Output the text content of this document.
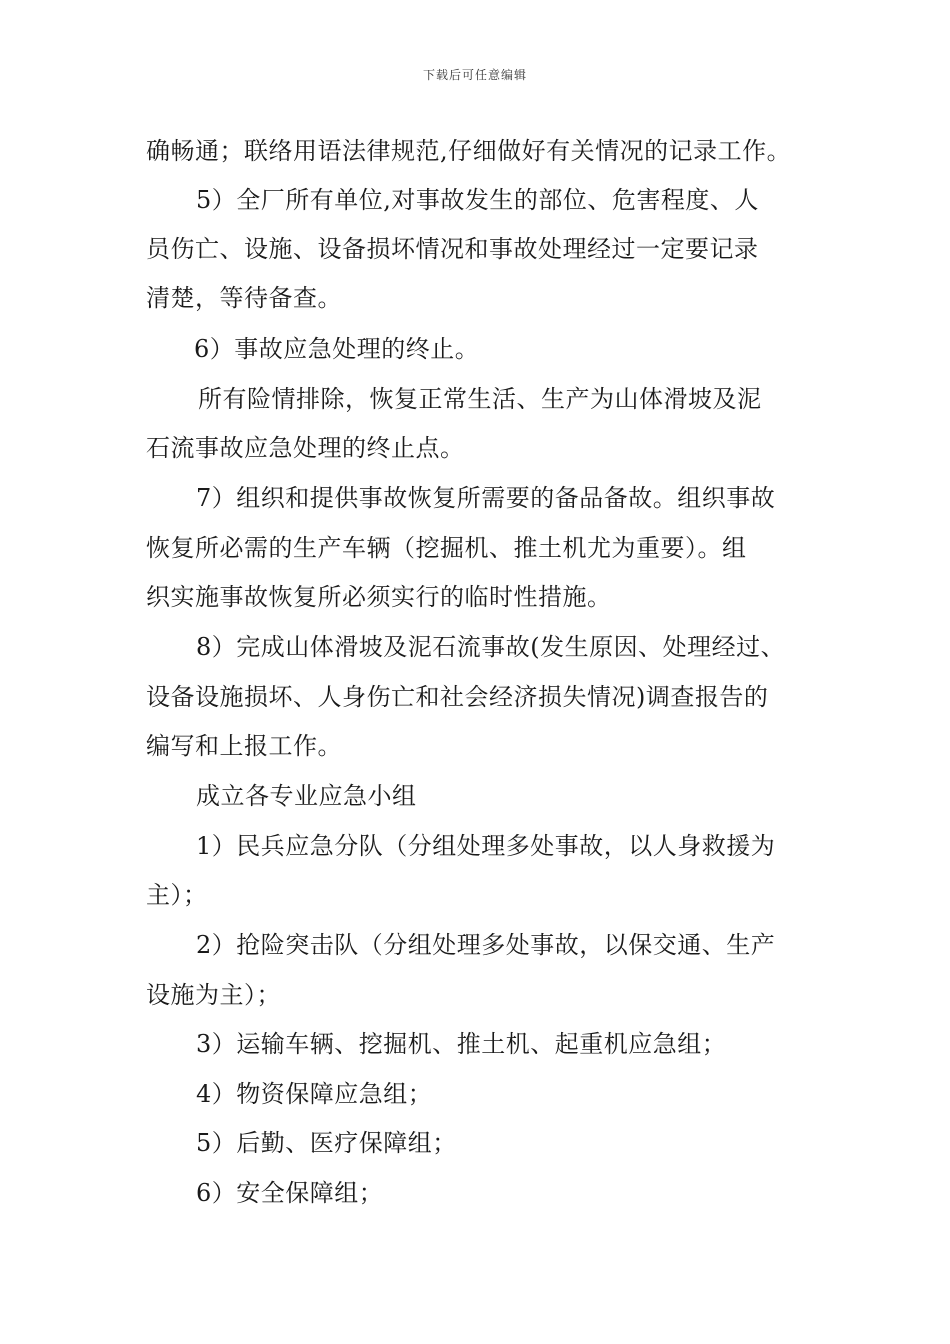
下载后可任意编辑
确畅通；联络用语法律规范,仔细做好有关情况的记录工作。
5）全厂所有单位,对事故发生的部位、危害程度、人
员伤亡、设施、设备损坏情况和事故处理经过一定要记录
清楚，等待备查。
6）事故应急处理的终止。
所有险情排除，恢复正常生活、生产为山体滑坡及泥
石流事故应急处理的终止点。
7）组织和提供事故恢复所需要的备品备故。组织事故
恢复所必需的生产车辆（挖掘机、推土机尤为重要）。组
织实施事故恢复所必须实行的临时性措施。
8）完成山体滑坡及泥石流事故(发生原因、处理经过、
设备设施损坏、人身伤亡和社会经济损失情况)调查报告的
编写和上报工作。
成立各专业应急小组
1）民兵应急分队（分组处理多处事故，以人身救援为
主）；
2）抢险突击队（分组处理多处事故，以保交通、生产
设施为主）；
3）运输车辆、挖掘机、推土机、起重机应急组；
4）物资保障应急组；
5）后勤、医疗保障组；
6）安全保障组；
